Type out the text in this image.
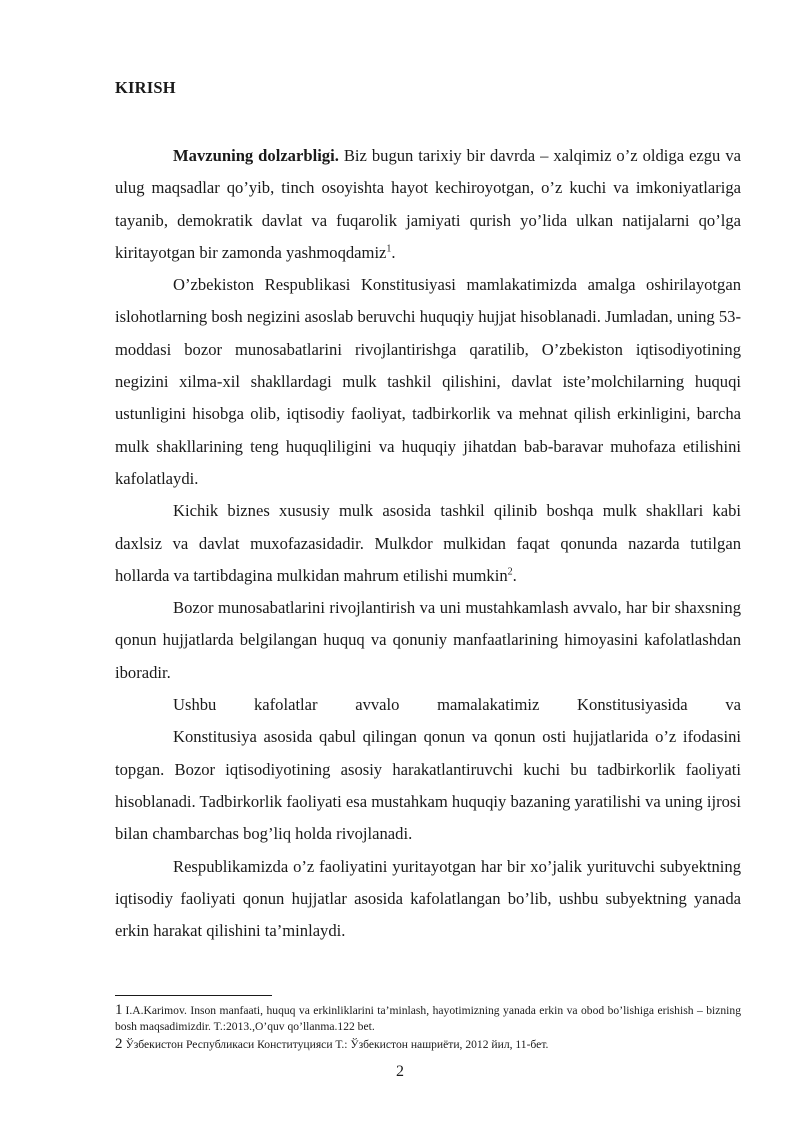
KIRISH

Mavzuning dolzarbligi. Biz bugun tarixiy bir davrda – xalqimiz o’z oldiga ezgu va ulug maqsadlar qo’yib, tinch osoyishta hayot kechiroyotgan, o’z kuchi va imkoniyatlariga tayanib, demokratik davlat va fuqarolik jamiyati qurish yo’lida ulkan natijalarni qo’lga kiritayotgan bir zamonda yashmoqdamiz$^1$.

O’zbekiston Respublikasi Konstitusiyasi mamlakatimizda amalga oshirilayotgan islohotlarning bosh negizini asoslab beruvchi huquqiy hujjat hisoblanadi. Jumladan, uning 53-moddasi bozor munosabatlarini rivojlantirishga qaratilib, O’zbekiston iqtisodiyotining negizini xilma-xil shakllardagi mulk tashkil qilishini, davlat iste’molchilarning huquqi ustunligini hisobga olib, iqtisodiy faoliyat, tadbirkorlik va mehnat qilish erkinligini, barcha mulk shakllarining teng huquqliligini va huquqiy jihatdan bab-baravar muhofaza etilishini kafolatlaydi.

Kichik biznes xususiy mulk asosida tashkil qilinib boshqa mulk shakllari kabi daxlsiz va davlat muxofazasidadir. Mulkdor mulkidan faqat qonunda nazarda tutilgan hollarda va tartibdagina mulkidan mahrum etilishi mumkin$^2$.

Bozor munosabatlarini rivojlantirish va uni mustahkamlash avvalo, har bir shaxsning qonun hujjatlarda belgilangan huquq va qonuniy manfaatlarining himoyasini kafolatlashdan iboradir.

Ushbu kafolatlar avvalo mamalakatimiz Konstitusiyasida va

Konstitusiya asosida qabul qilingan qonun va qonun osti hujjatlarida o’z ifodasini topgan. Bozor iqtisodiyotining asosiy harakatlantiruvchi kuchi bu tadbirkorlik faoliyati hisoblanadi. Tadbirkorlik faoliyati esa mustahkam huquqiy bazaning yaratilishi va uning ijrosi bilan chambarchas bog’liq holda rivojlanadi.

Respublikamizda o’z faoliyatini yuritayotgan har bir xo’jalik yurituvchi subyektning iqtisodiy faoliyati qonun hujjatlar asosida kafolatlangan bo’lib, ushbu subyektning yanada erkin harakat qilishini ta’minlaydi.

1 I.A.Karimov. Inson manfaati, huquq va erkinliklarini ta’minlash, hayotimizning yanada erkin va obod bo’lishiga erishish – bizning bosh maqsadimizdir. T.:2013.,O’quv qo’llanma.122 bet.

2 Ўзбекистон Республикаси Конституцияси Т.: Ўзбекистон нашриёти, 2012 йил, 11-бет.

2
